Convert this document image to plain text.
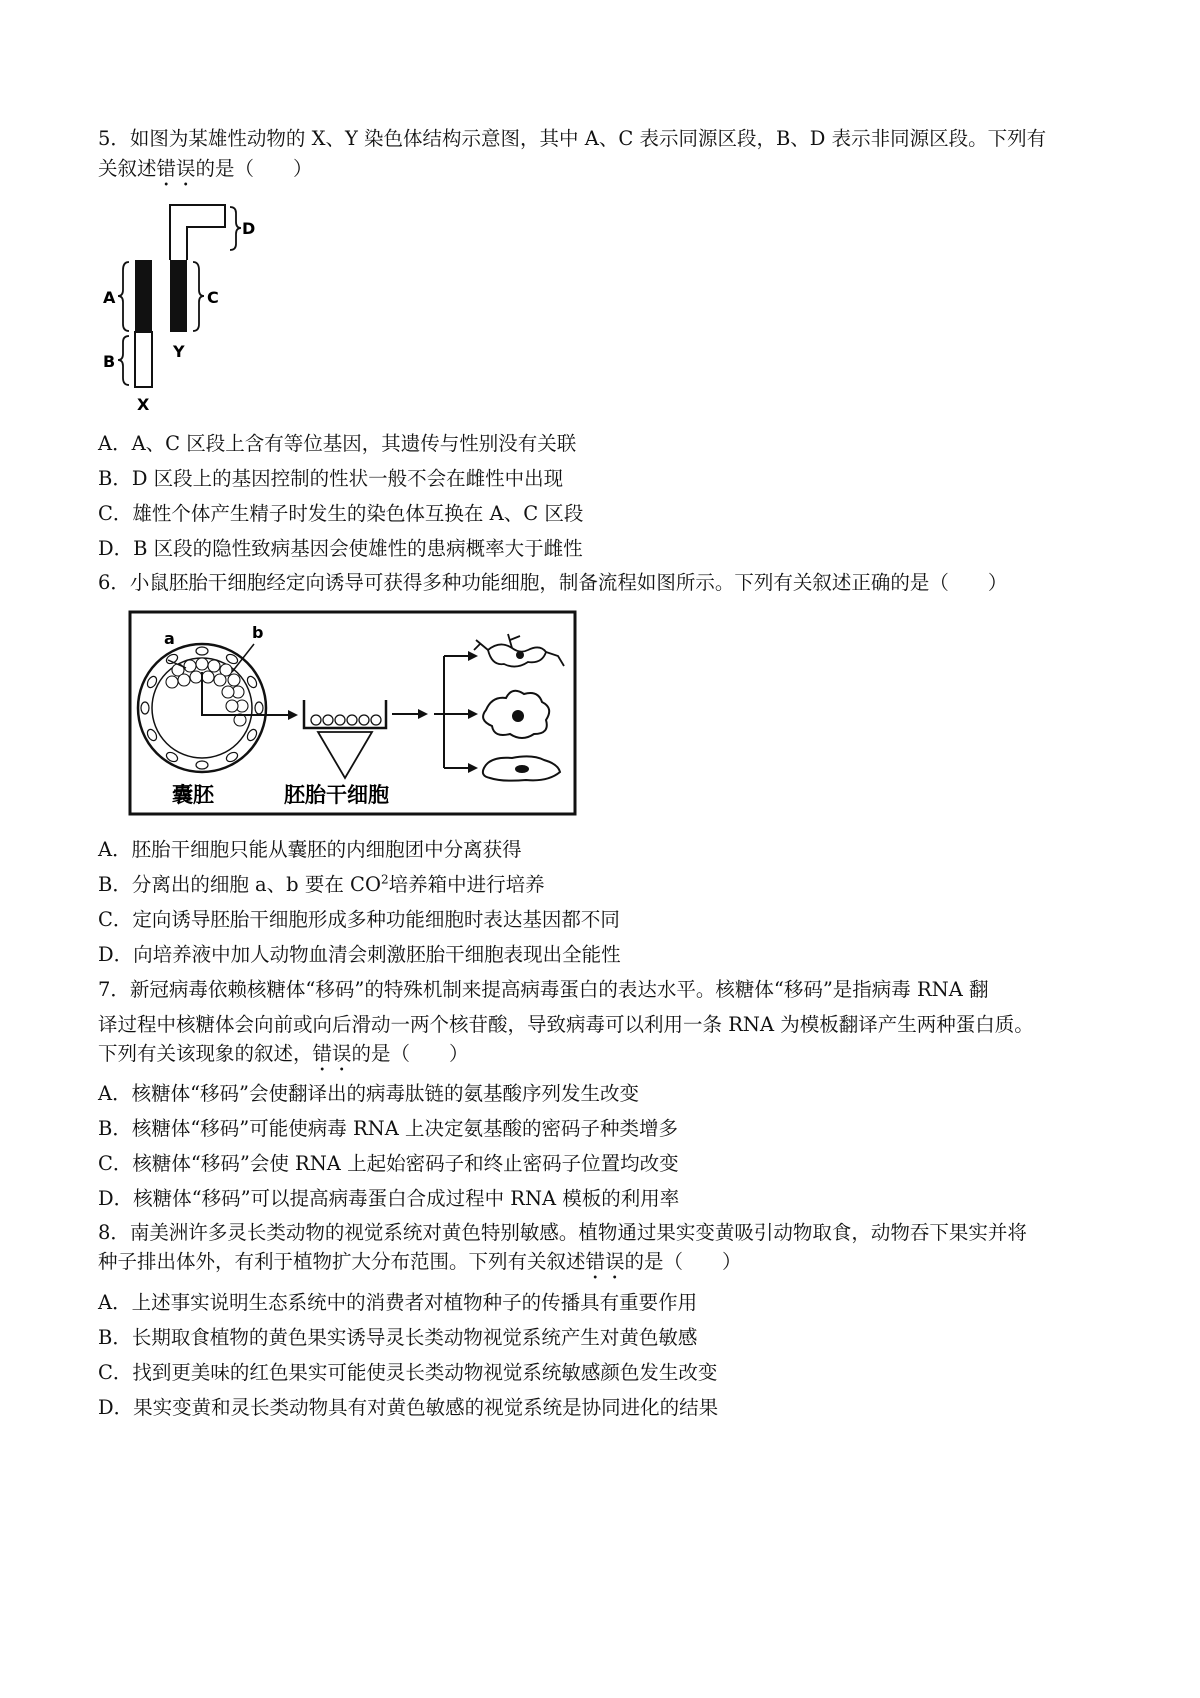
5．如图为某雄性动物的 X、Y 染色体结构示意图，其中 A、C 表示同源区段，B、D 表示非同源区段。下列有
关叙述错误的是（　　）
A
B
C
D
X
Y
A．A、C 区段上含有等位基因，其遗传与性别没有关联
B．D 区段上的基因控制的性状一般不会在雌性中出现
C．雄性个体产生精子时发生的染色体互换在 A、C 区段
D．B 区段的隐性致病基因会使雄性的患病概率大于雌性
6．小鼠胚胎干细胞经定向诱导可获得多种功能细胞，制备流程如图所示。下列有关叙述正确的是（　　）
a	b
囊胚	胚胎干细胞
A．胚胎干细胞只能从囊胚的内细胞团中分离获得
B．分离出的细胞 a、b 要在 $CO^2$培养箱中进行培养
C．定向诱导胚胎干细胞形成多种功能细胞时表达基因都不同
D．向培养液中加人动物血清会刺激胚胎干细胞表现出全能性
7．新冠病毒依赖核糖体“移码”的特殊机制来提高病毒蛋白的表达水平。核糖体“移码”是指病毒 RNA 翻
译过程中核糖体会向前或向后滑动一两个核苷酸，导致病毒可以利用一条 RNA 为模板翻译产生两种蛋白质。
下列有关该现象的叙述，错误的是（　　）
A．核糖体“移码”会使翻译出的病毒肽链的氨基酸序列发生改变
B．核糖体“移码”可能使病毒 RNA 上决定氨基酸的密码子种类增多
C．核糖体“移码”会使 RNA 上起始密码子和终止密码子位置均改变
D．核糖体“移码”可以提高病毒蛋白合成过程中 RNA 模板的利用率
8．南美洲许多灵长类动物的视觉系统对黄色特别敏感。植物通过果实变黄吸引动物取食，动物吞下果实并将
种子排出体外，有利于植物扩大分布范围。下列有关叙述错误的是（　　）
A．上述事实说明生态系统中的消费者对植物种子的传播具有重要作用
B．长期取食植物的黄色果实诱导灵长类动物视觉系统产生对黄色敏感
C．找到更美味的红色果实可能使灵长类动物视觉系统敏感颜色发生改变
D．果实变黄和灵长类动物具有对黄色敏感的视觉系统是协同进化的结果
